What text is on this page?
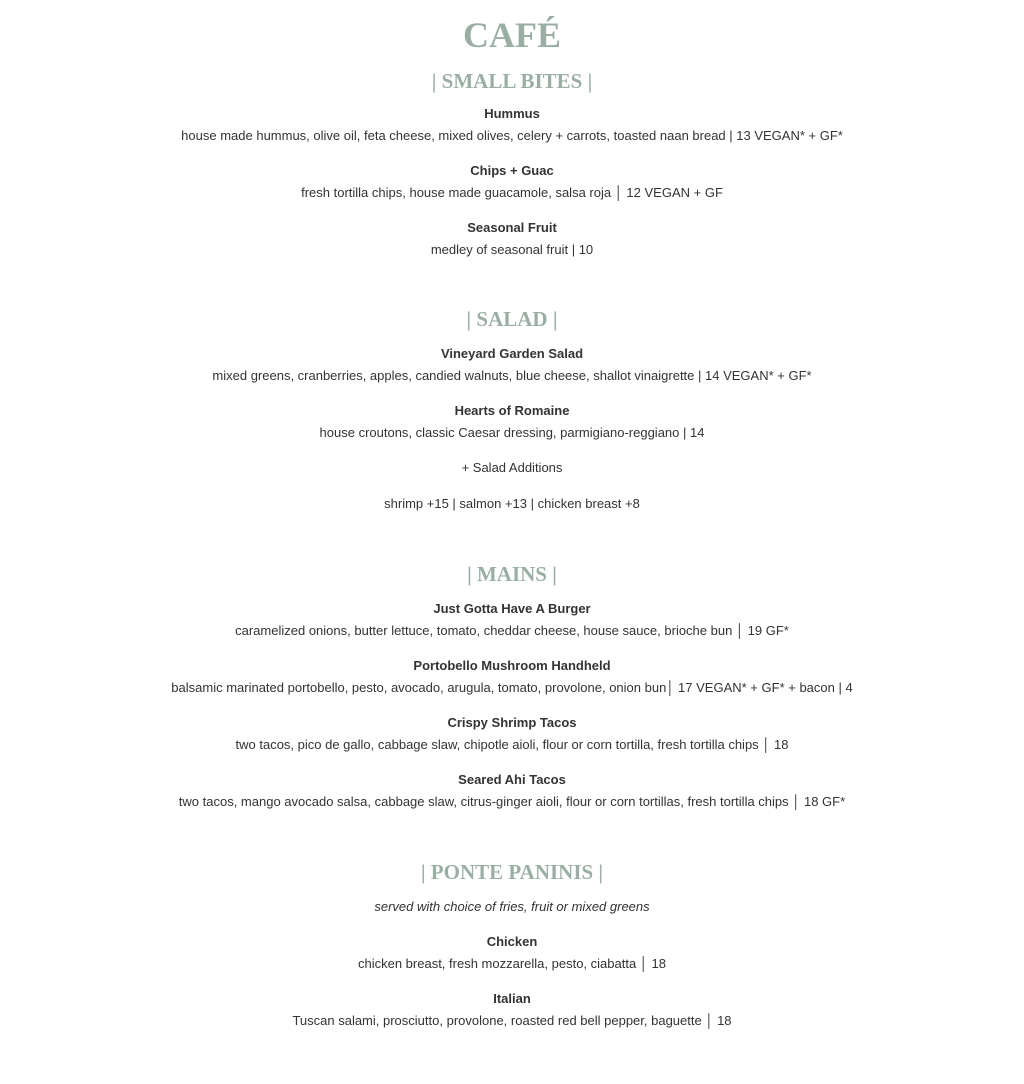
CAFÉ
| SMALL BITES |
Hummus
house made hummus, olive oil, feta cheese, mixed olives, celery + carrots, toasted naan bread | 13 VEGAN* + GF*
Chips + Guac
fresh tortilla chips, house made guacamole, salsa roja │ 12 VEGAN + GF
Seasonal Fruit
medley of seasonal fruit | 10
| SALAD |
Vineyard Garden Salad
mixed greens, cranberries, apples, candied walnuts, blue cheese, shallot vinaigrette | 14 VEGAN* + GF*
Hearts of Romaine
house croutons, classic Caesar dressing, parmigiano-reggiano | 14
+ Salad Additions
shrimp +15 | salmon +13 | chicken breast +8
| MAINS |
Just Gotta Have A Burger
caramelized onions, butter lettuce, tomato, cheddar cheese, house sauce, brioche bun │ 19 GF*
Portobello Mushroom Handheld
balsamic marinated portobello, pesto, avocado, arugula, tomato, provolone, onion bun│ 17 VEGAN* + GF* + bacon | 4
Crispy Shrimp Tacos
two tacos, pico de gallo, cabbage slaw, chipotle aioli, flour or corn tortilla, fresh tortilla chips │ 18
Seared Ahi Tacos
two tacos, mango avocado salsa, cabbage slaw, citrus-ginger aioli, flour or corn tortillas, fresh tortilla chips │ 18 GF*
| PONTE PANINIS |
served with choice of fries, fruit or mixed greens
Chicken
chicken breast, fresh mozzarella, pesto, ciabatta │ 18
Italian
Tuscan salami, prosciutto, provolone, roasted red bell pepper, baguette │ 18
